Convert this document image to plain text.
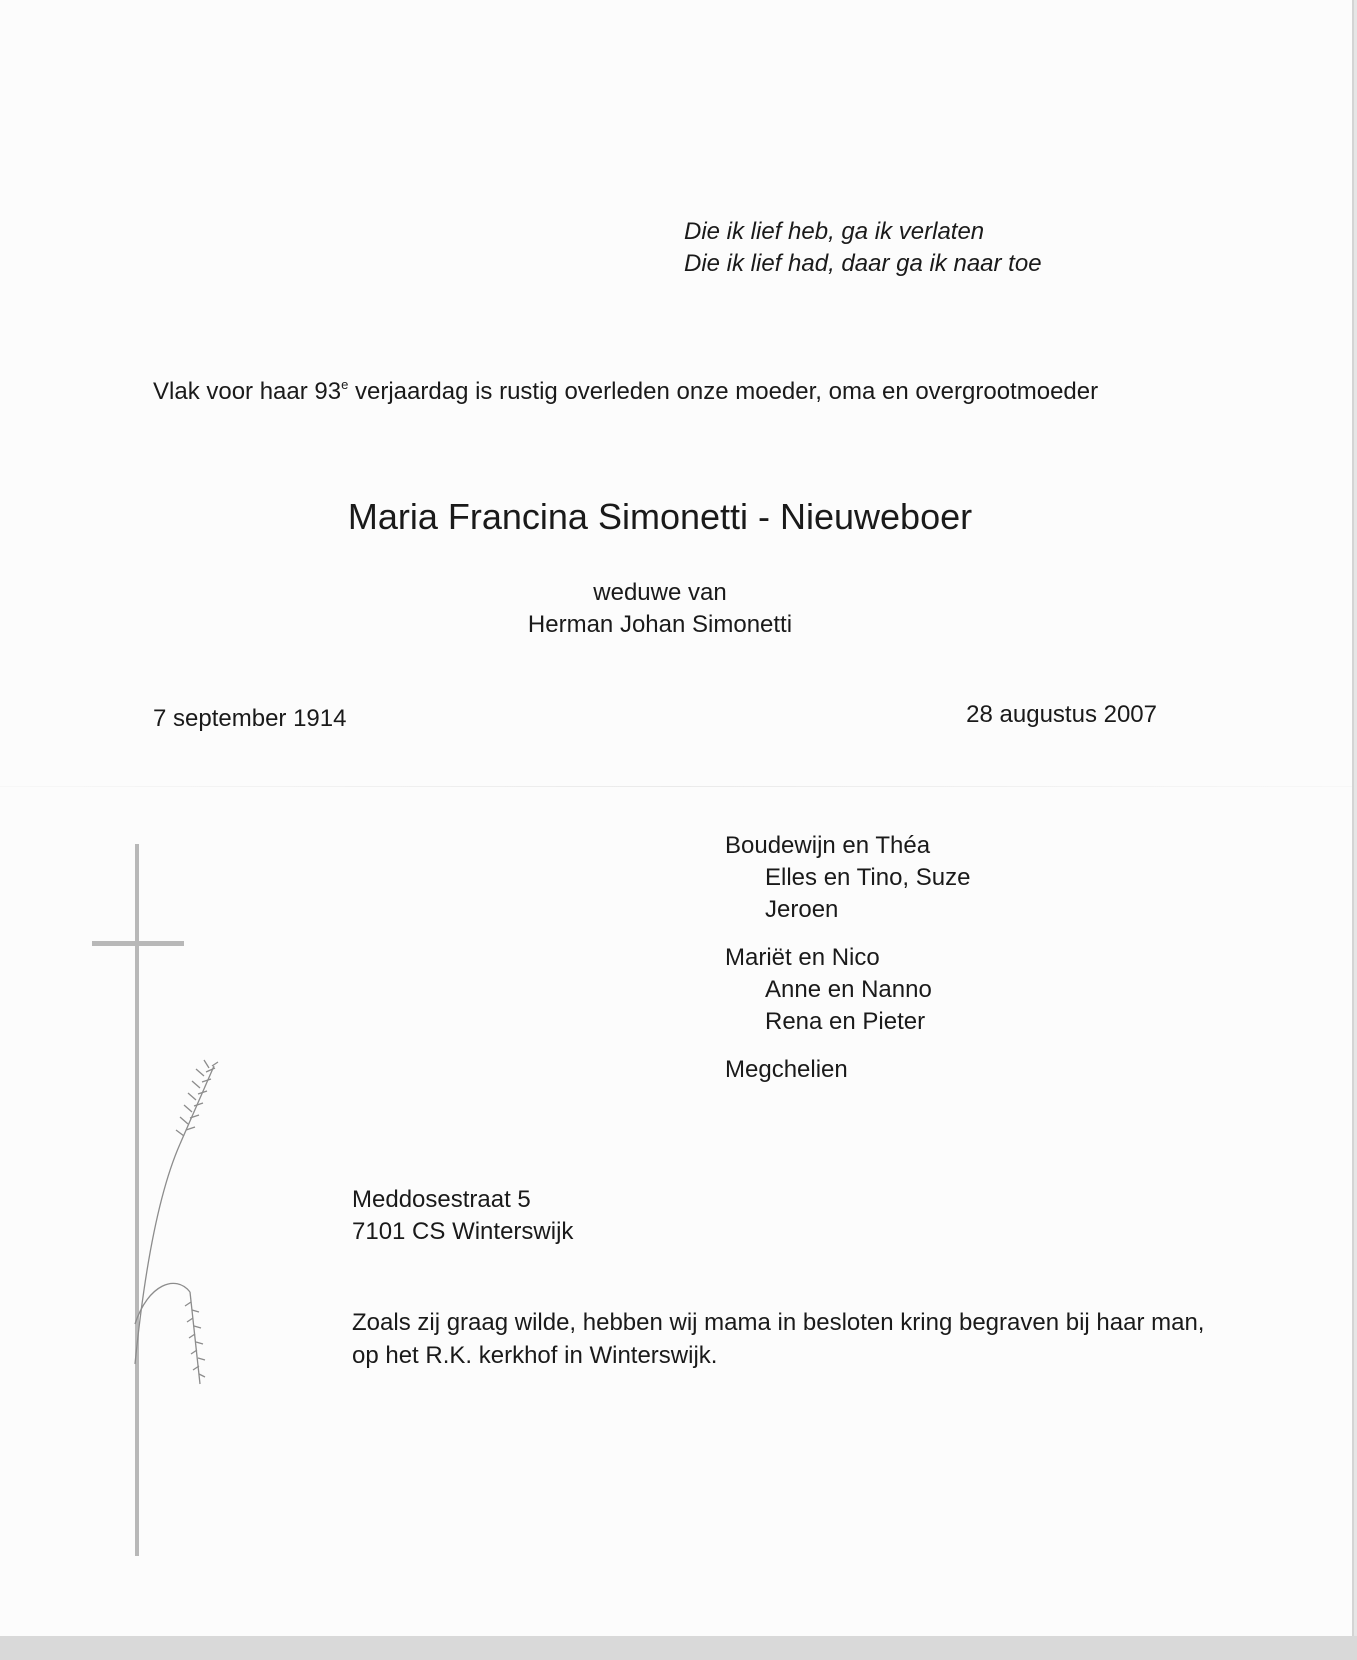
Die ik lief heb, ga ik verlaten
Die ik lief had, daar ga ik naar toe
Vlak voor haar 93e verjaardag is rustig overleden onze moeder, oma en overgrootmoeder
Maria Francina Simonetti - Nieuweboer
weduwe van
Herman Johan Simonetti
7 september 1914	28 augustus 2007
Boudewijn en Théa
Elles en Tino, Suze
Jeroen
Mariët en Nico
Anne en Nanno
Rena en Pieter
Megchelien
Meddosestraat 5
7101 CS Winterswijk
Zoals zij graag wilde, hebben wij mama in besloten kring begraven bij haar man,
op het R.K. kerkhof in Winterswijk.
